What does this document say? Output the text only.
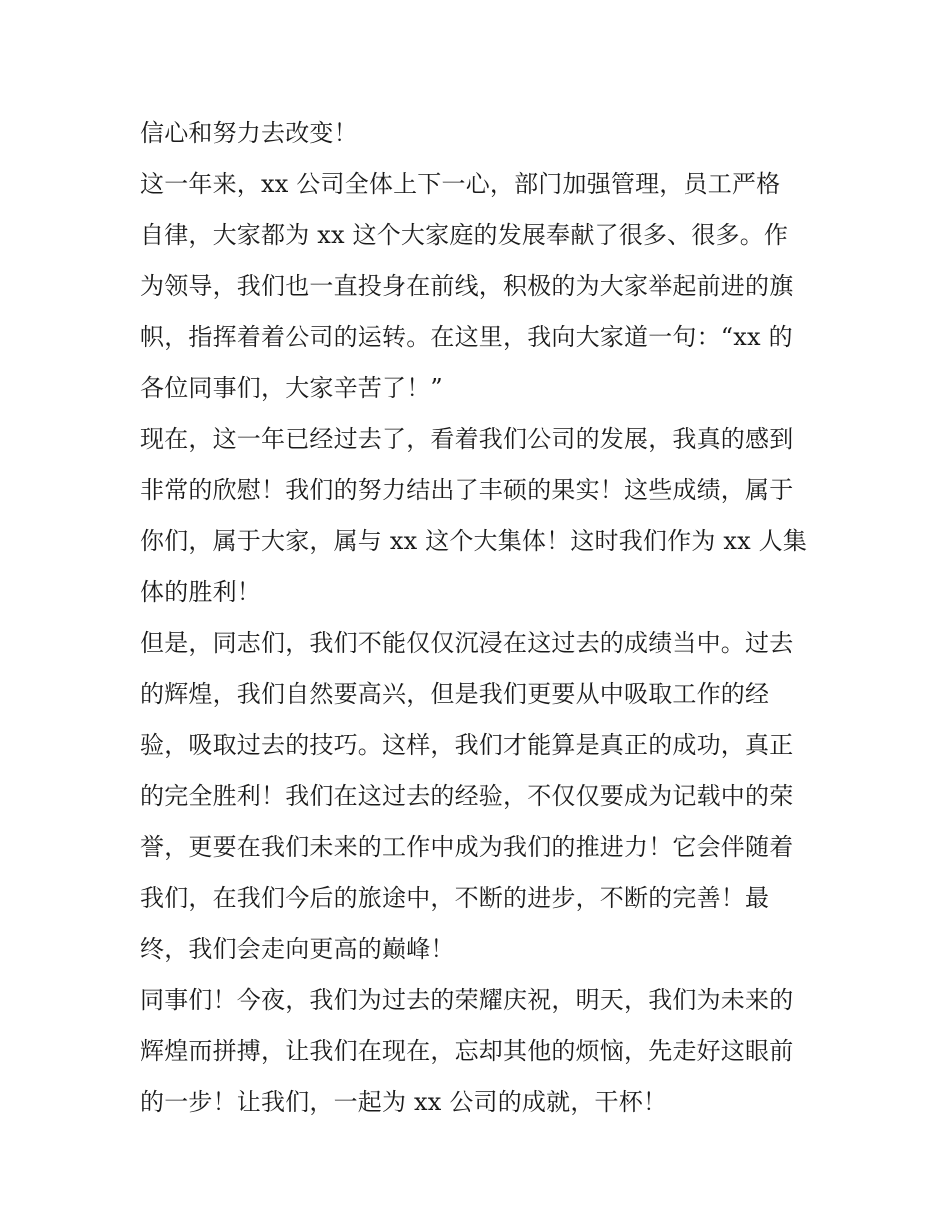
信心和努力去改变！
这一年来，xx 公司全体上下一心，部门加强管理，员工严格
自律，大家都为 xx 这个大家庭的发展奉献了很多、很多。作
为领导，我们也一直投身在前线，积极的为大家举起前进的旗
帜，指挥着着公司的运转。在这里，我向大家道一句：“xx 的
各位同事们，大家辛苦了！”
现在，这一年已经过去了，看着我们公司的发展，我真的感到
非常的欣慰！我们的努力结出了丰硕的果实！这些成绩，属于
你们，属于大家，属与 xx 这个大集体！这时我们作为 xx 人集
体的胜利！
但是，同志们，我们不能仅仅沉浸在这过去的成绩当中。过去
的辉煌，我们自然要高兴，但是我们更要从中吸取工作的经
验，吸取过去的技巧。这样，我们才能算是真正的成功，真正
的完全胜利！我们在这过去的经验，不仅仅要成为记载中的荣
誉，更要在我们未来的工作中成为我们的推进力！它会伴随着
我们，在我们今后的旅途中，不断的进步，不断的完善！最
终，我们会走向更高的巅峰！
同事们！今夜，我们为过去的荣耀庆祝，明天，我们为未来的
辉煌而拼搏，让我们在现在，忘却其他的烦恼，先走好这眼前
的一步！让我们，一起为 xx 公司的成就，干杯！
